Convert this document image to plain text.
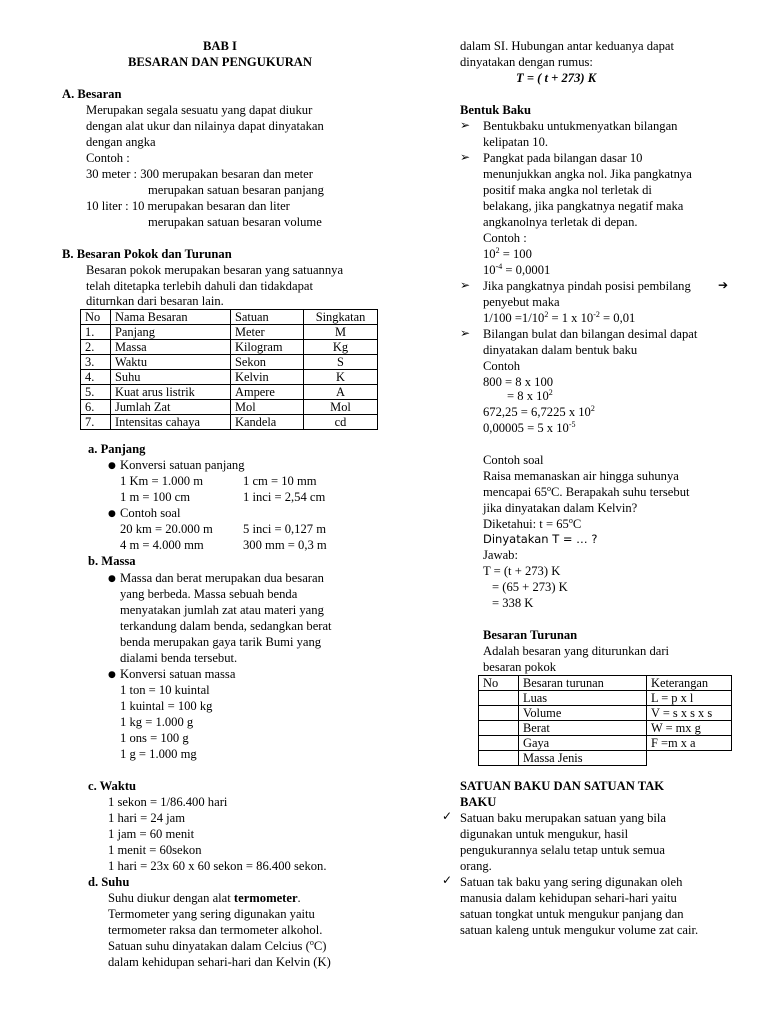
BAB I
BESARAN DAN PENGUKURAN
A. Besaran
Merupakan segala sesuatu yang dapat diukur
dengan alat ukur dan nilainya dapat dinyatakan
dengan angka
Contoh :
30 meter : 300 merupakan besaran dan meter
merupakan satuan besaran panjang
10 liter : 10 merupakan besaran dan liter
merupakan satuan besaran volume
B. Besaran Pokok dan Turunan
Besaran pokok merupakan besaran yang satuannya
telah ditetapka terlebih dahuli dan tidakdapat
diturnkan dari besaran lain.
No	Nama Besaran	Satuan	Singkatan
1.	Panjang	Meter	M
2.	Massa	Kilogram	Kg
3.	Waktu	Sekon	S
4.	Suhu	Kelvin	K
5.	Kuat arus listrik	Ampere	A
6.	Jumlah Zat	Mol	Mol
7.	Intensitas cahaya	Kandela	cd
a. Panjang
● Konversi satuan panjang
1 Km = 1.000 m	1 cm = 10 mm
1 m = 100 cm	1 inci = 2,54 cm
● Contoh soal
20 km = 20.000 m 5 inci = 0,127 m
4 m = 4.000 mm	300 mm = 0,3 m
b. Massa
● Massa dan berat merupakan dua besaran
yang berbeda. Massa sebuah benda
menyatakan jumlah zat atau materi yang
terkandung dalam benda, sedangkan berat
benda merupakan gaya tarik Bumi yang
dialami benda tersebut.
● Konversi satuan massa
1 ton = 10 kuintal
1 kuintal = 100 kg
1 kg = 1.000 g
1 ons = 100 g
1 g = 1.000 mg
c. Waktu
1 sekon = 1/86.400 hari
1 hari = 24 jam
1 jam = 60 menit
1 menit = 60sekon
1 hari = 23x 60 x 60 sekon = 86.400 sekon.
d. Suhu
Suhu diukur dengan alat termometer.
Termometer yang sering digunakan yaitu
termometer raksa dan termometer alkohol.
Satuan suhu dinyatakan dalam Celcius ($^o$C)
dalam kehidupan sehari-hari dan Kelvin (K)
dalam SI. Hubungan antar keduanya dapat
dinyatakan dengan rumus:
T = ( t + 273) K
Bentuk Baku
➢ Bentukbaku untukmenyatkan bilangan
kelipatan 10.
➢ Pangkat pada bilangan dasar 10
menunjukkan angka nol. Jika pangkatnya
positif maka angka nol terletak di
belakang, jika pangkatnya negatif maka
angkanolnya terletak di depan.
Contoh :
$10^2 = 100$
$10^{-4} = 0,0001$
➢ Jika pangkatnya pindah posisi pembilang ➔
penyebut maka
$1/100 =1/10^2 = 1$ x $10^{-2} = 0,01$
➢ Bilangan bulat dan bilangan desimal dapat
dinyatakan dalam bentuk baku
Contoh
800 = 8 x 100
= 8 x $10^2$
672,25 = 6,7225 x $10^2$
0,00005 = 5 x $10^{-5}$
Contoh soal
Raisa memanaskan air hingga suhunya
mencapai 65$^o$C. Berapakah suhu tersebut
jika dinyatakan dalam Kelvin?
Diketahui: $t = 65^oC$
Dinyatakan T = … ?
Jawab:
T = (t + 273) K
= (65 + 273) K
= 338 K
Besaran Turunan
Adalah besaran yang diturunkan dari
besaran pokok
No	Besaran turunan	Keterangan
	Luas	L = p x l
	Volume	V = s x s x s
	Berat	W = mx g
	Gaya	F =m x a
	Massa Jenis	
SATUAN BAKU DAN SATUAN TAK
BAKU
✓ Satuan baku merupakan satuan yang bila
digunakan untuk mengukur, hasil
pengukurannya selalu tetap untuk semua
orang.
✓ Satuan tak baku yang sering digunakan oleh
manusia dalam kehidupan sehari-hari yaitu
satuan tongkat untuk mengukur panjang dan
satuan kaleng untuk mengukur volume zat cair.
